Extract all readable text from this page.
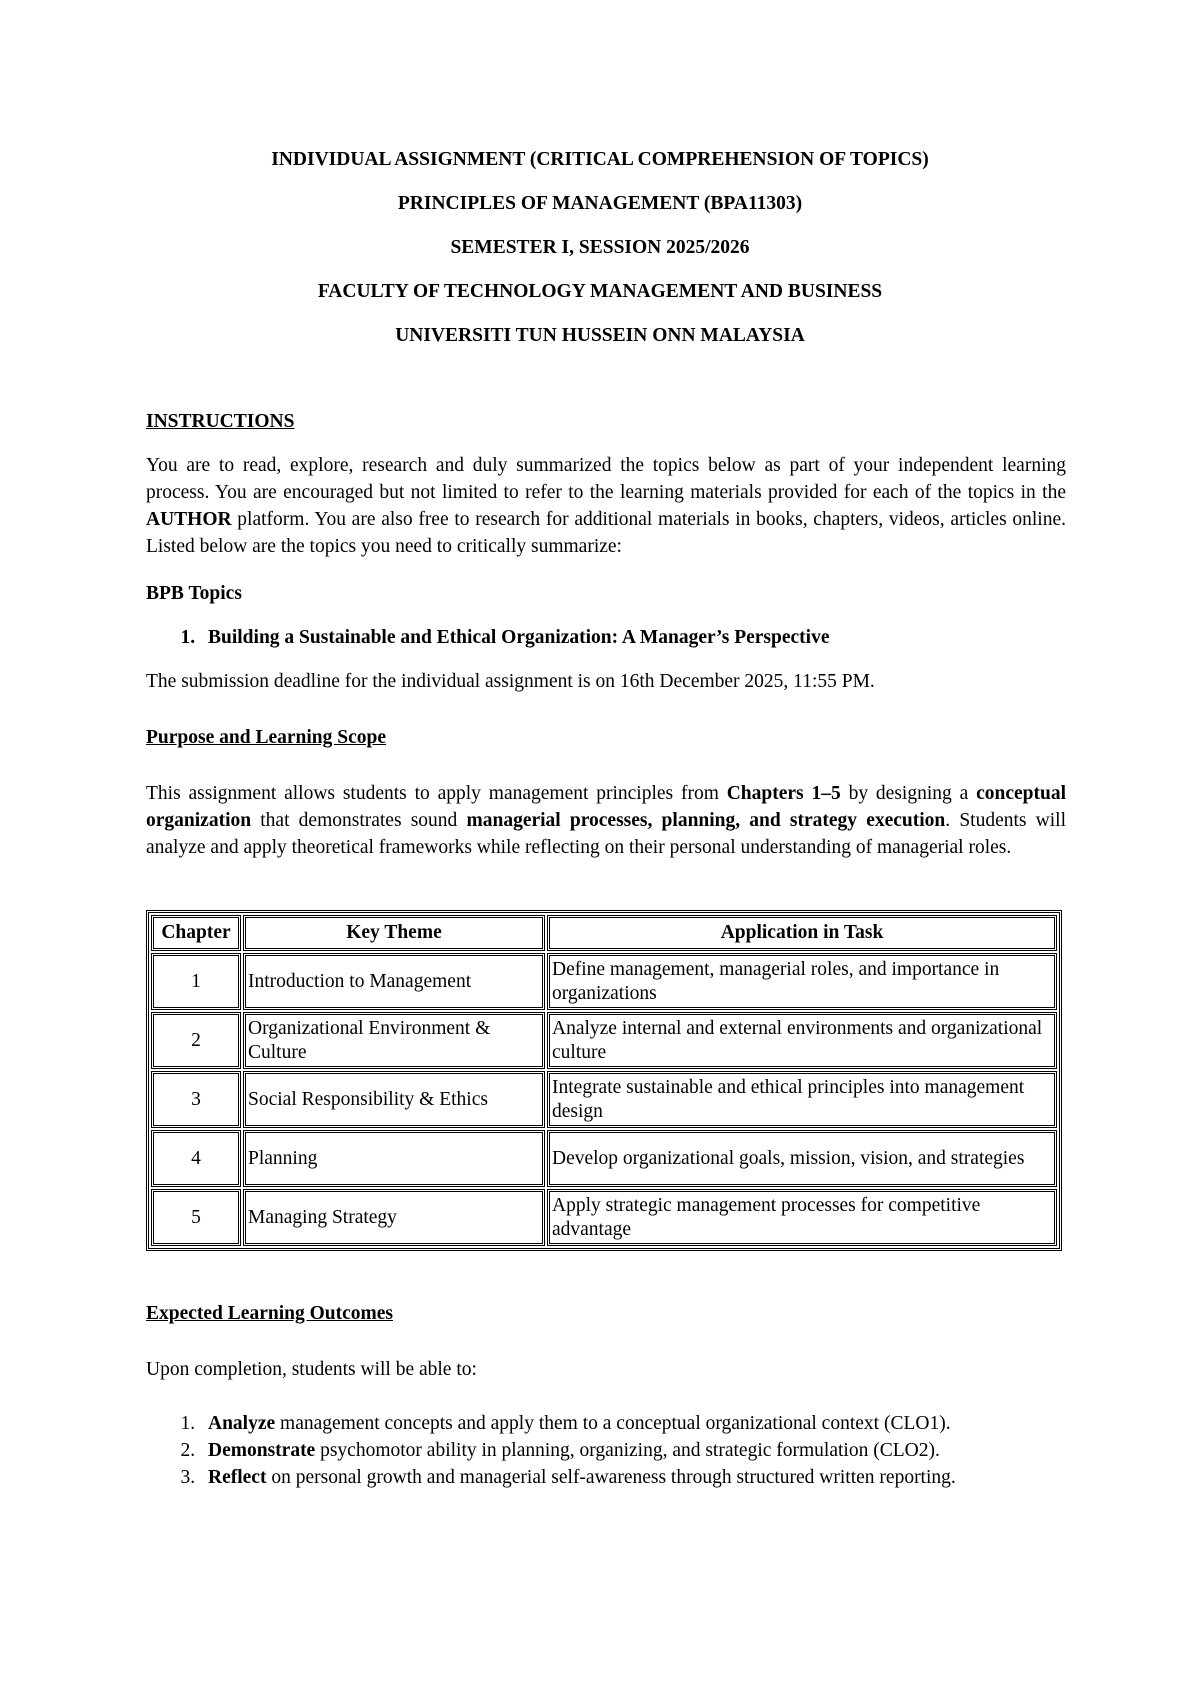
INDIVIDUAL ASSIGNMENT (CRITICAL COMPREHENSION OF TOPICS)
PRINCIPLES OF MANAGEMENT (BPA11303)
SEMESTER I, SESSION 2025/2026
FACULTY OF TECHNOLOGY MANAGEMENT AND BUSINESS
UNIVERSITI TUN HUSSEIN ONN MALAYSIA
INSTRUCTIONS
You are to read, explore, research and duly summarized the topics below as part of your independent learning process. You are encouraged but not limited to refer to the learning materials provided for each of the topics in the AUTHOR platform. You are also free to research for additional materials in books, chapters, videos, articles online. Listed below are the topics you need to critically summarize:
BPB Topics
1. Building a Sustainable and Ethical Organization: A Manager’s Perspective
The submission deadline for the individual assignment is on 16th December 2025, 11:55 PM.
Purpose and Learning Scope
This assignment allows students to apply management principles from Chapters 1–5 by designing a conceptual organization that demonstrates sound managerial processes, planning, and strategy execution. Students will analyze and apply theoretical frameworks while reflecting on their personal understanding of managerial roles.
Chapter	Key Theme	Application in Task
1	Introduction to Management	Define management, managerial roles, and importance in organizations
2	Organizational Environment & Culture	Analyze internal and external environments and organizational culture
3	Social Responsibility & Ethics	Integrate sustainable and ethical principles into management design
4	Planning	Develop organizational goals, mission, vision, and strategies
5	Managing Strategy	Apply strategic management processes for competitive advantage
Expected Learning Outcomes
Upon completion, students will be able to:
1. Analyze management concepts and apply them to a conceptual organizational context (CLO1).
2. Demonstrate psychomotor ability in planning, organizing, and strategic formulation (CLO2).
3. Reflect on personal growth and managerial self-awareness through structured written reporting.
